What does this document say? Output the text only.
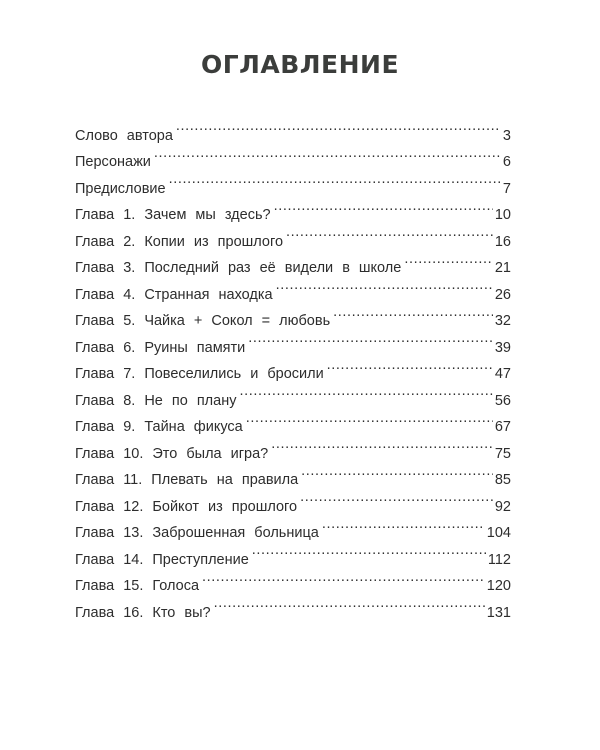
ОГЛАВЛЕНИЕ
Слово автора .....	3
Персонажи .....	6
Предисловие .....	7
Глава 1. Зачем мы здесь? .....	10
Глава 2. Копии из прошлого .....	16
Глава 3. Последний раз её видели в школе .....	21
Глава 4. Странная находка .....	26
Глава 5. Чайка + Сокол = любовь .....	32
Глава 6. Руины памяти .....	39
Глава 7. Повеселились и бросили .....	47
Глава 8. Не по плану .....	56
Глава 9. Тайна фикуса .....	67
Глава 10. Это была игра? .....	75
Глава 11. Плевать на правила .....	85
Глава 12. Бойкот из прошлого .....	92
Глава 13. Заброшенная больница .....	104
Глава 14. Преступление .....	112
Глава 15. Голоса .....	120
Глава 16. Кто вы? .....	131
